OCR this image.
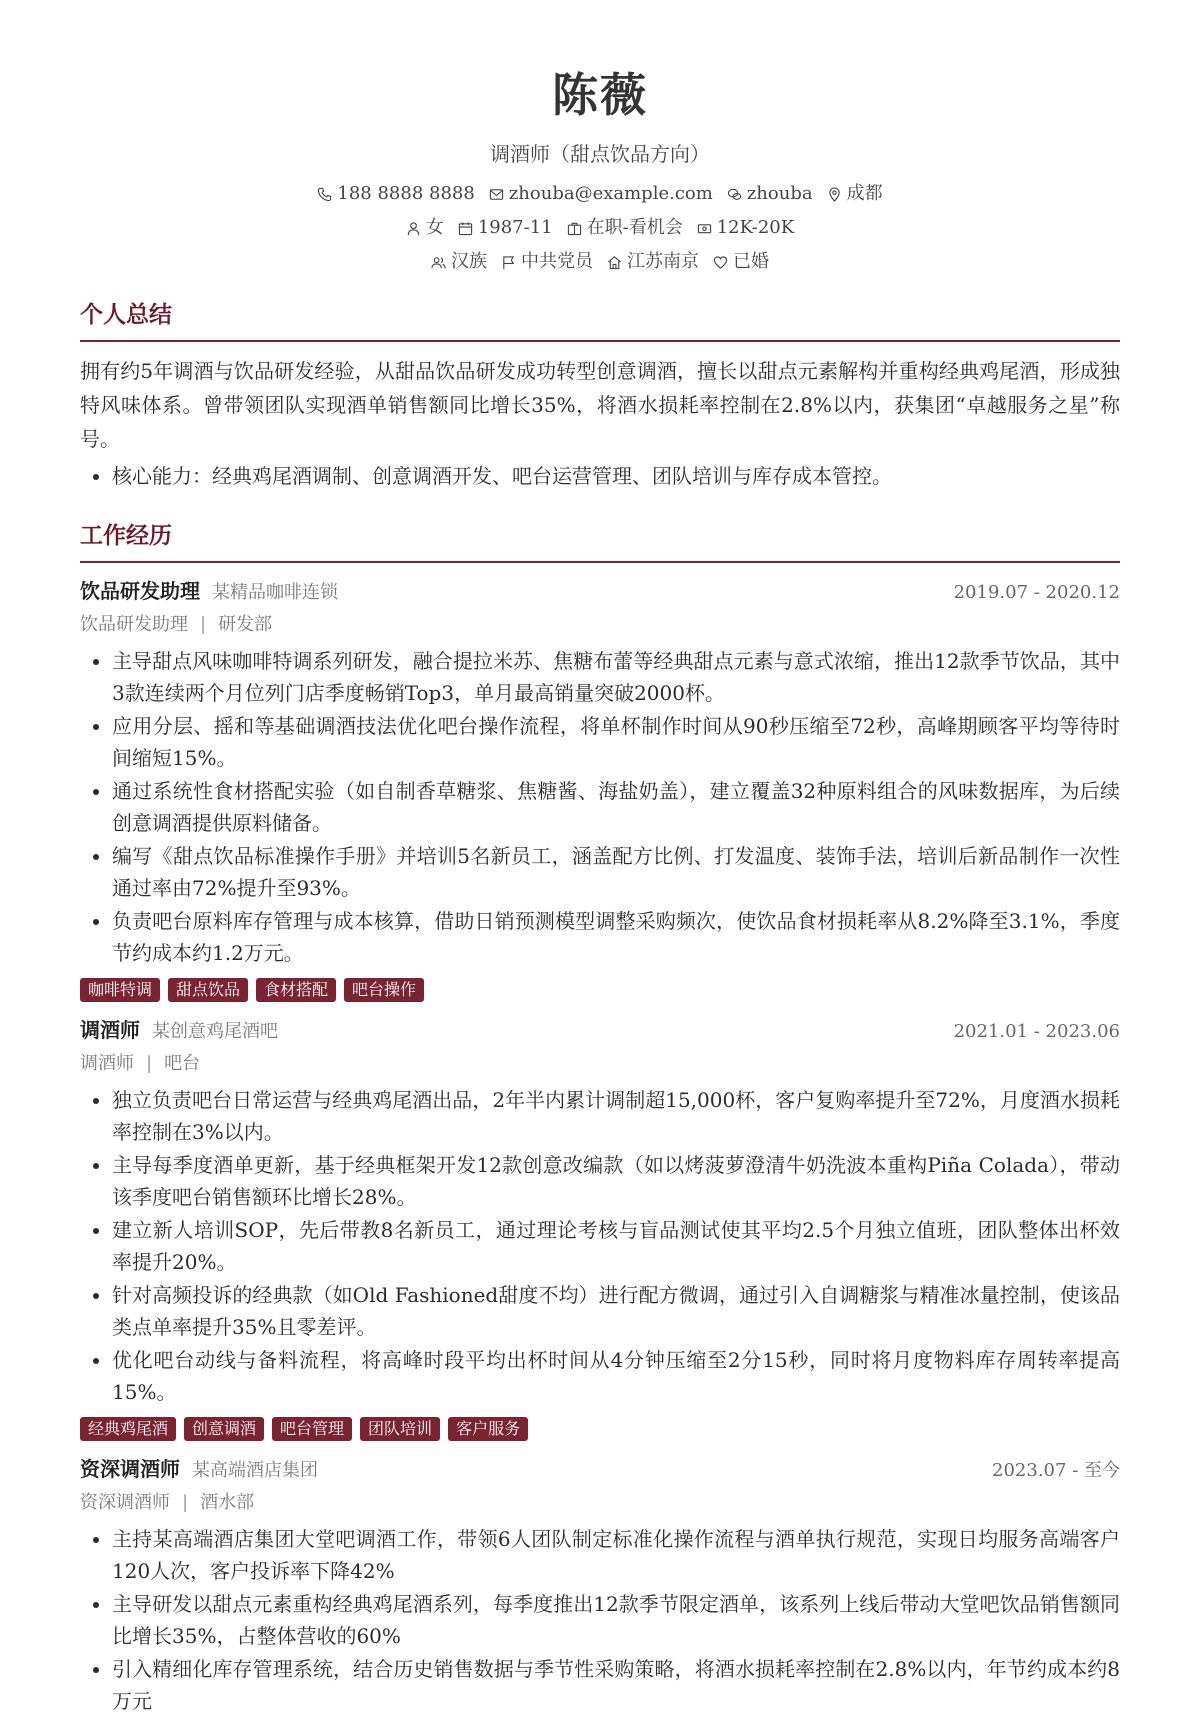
陈薇
调酒师（甜点饮品方向）
188 8888 8888 zhouba@example.com zhouba 成都
女 1987-11 在职-看机会 12K-20K
汉族 中共党员 江苏南京 已婚
个人总结
拥有约5年调酒与饮品研发经验，从甜品饮品研发成功转型创意调酒，擅长以甜点元素解构并重构经典鸡尾酒，形成独特风味体系。曾带领团队实现酒单销售额同比增长35%，将酒水损耗率控制在2.8%以内，获集团“卓越服务之星”称号。
• 核心能力：经典鸡尾酒调制、创意调酒开发、吧台运营管理、团队培训与库存成本管控。
工作经历
饮品研发助理 某精品咖啡连锁	2019.07 - 2020.12
饮品研发助理 | 研发部
• 主导甜点风味咖啡特调系列研发，融合提拉米苏、焦糖布蕾等经典甜点元素与意式浓缩，推出12款季节饮品，其中3款连续两个月位列门店季度畅销Top3，单月最高销量突破2000杯。
• 应用分层、摇和等基础调酒技法优化吧台操作流程，将单杯制作时间从90秒压缩至72秒，高峰期顾客平均等待时间缩短15%。
• 通过系统性食材搭配实验（如自制香草糖浆、焦糖酱、海盐奶盖），建立覆盖32种原料组合的风味数据库，为后续创意调酒提供原料储备。
• 编写《甜点饮品标准操作手册》并培训5名新员工，涵盖配方比例、打发温度、装饰手法，培训后新品制作一次性通过率由72%提升至93%。
• 负责吧台原料库存管理与成本核算，借助日销预测模型调整采购频次，使饮品食材损耗率从8.2%降至3.1%，季度节约成本约1.2万元。
咖啡特调	甜点饮品	食材搭配	吧台操作
调酒师 某创意鸡尾酒吧	2021.01 - 2023.06
调酒师 | 吧台
• 独立负责吧台日常运营与经典鸡尾酒出品，2年半内累计调制超15,000杯，客户复购率提升至72%，月度酒水损耗率控制在3%以内。
• 主导每季度酒单更新，基于经典框架开发12款创意改编款（如以烤菠萝澄清牛奶洗波本重构Piña Colada），带动该季度吧台销售额环比增长28%。
• 建立新人培训SOP，先后带教8名新员工，通过理论考核与盲品测试使其平均2.5个月独立值班，团队整体出杯效率提升20%。
• 针对高频投诉的经典款（如Old Fashioned甜度不均）进行配方微调，通过引入自调糖浆与精准冰量控制，使该品类点单率提升35%且零差评。
• 优化吧台动线与备料流程，将高峰时段平均出杯时间从4分钟压缩至2分15秒，同时将月度物料库存周转率提高15%。
经典鸡尾酒	创意调酒	吧台管理	团队培训	客户服务
资深调酒师 某高端酒店集团	2023.07 - 至今
资深调酒师 | 酒水部
• 主持某高端酒店集团大堂吧调酒工作，带领6人团队制定标准化操作流程与酒单执行规范，实现日均服务高端客户120人次，客户投诉率下降42%
• 主导研发以甜点元素重构经典鸡尾酒系列，每季度推出12款季节限定酒单，该系列上线后带动大堂吧饮品销售额同比增长35%，占整体营收的60%
• 引入精细化库存管理系统，结合历史销售数据与季节性采购策略，将酒水损耗率控制在2.8%以内，年节约成本约8万元
